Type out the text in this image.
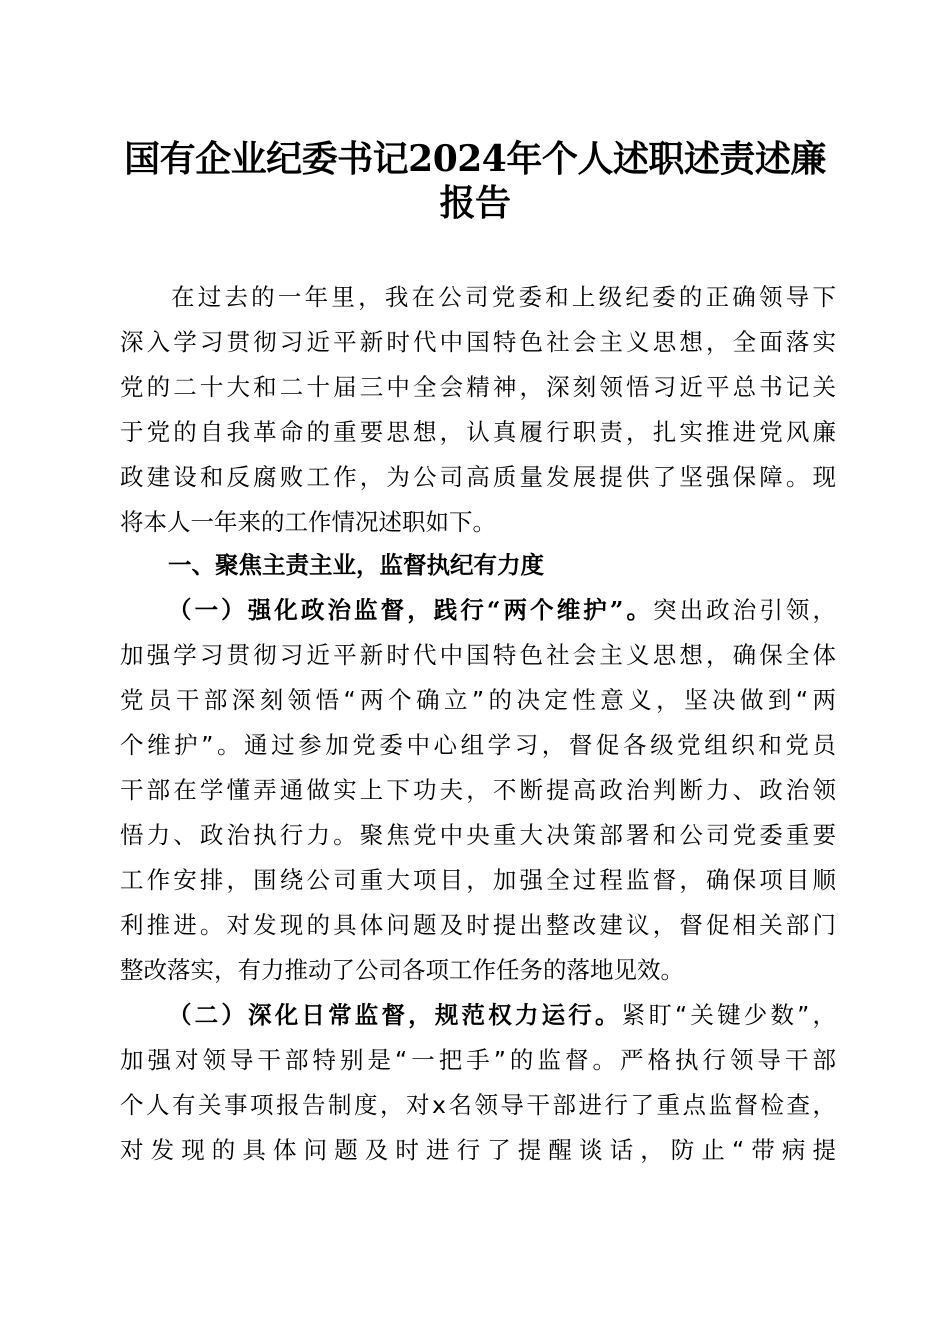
国有企业纪委书记2024年个人述职述责述廉
报告
在过去的一年里，我在公司党委和上级纪委的正确领导下
深入学习贯彻习近平新时代中国特色社会主义思想，全面落实
党的二十大和二十届三中全会精神，深刻领悟习近平总书记关
于党的自我革命的重要思想，认真履行职责，扎实推进党风廉
政建设和反腐败工作，为公司高质量发展提供了坚强保障。现
将本人一年来的工作情况述职如下。
一、聚焦主责主业，监督执纪有力度
（一）强化政治监督，践行“两个维护”。突出政治引领，
加强学习贯彻习近平新时代中国特色社会主义思想，确保全体
党员干部深刻领悟“两个确立”的决定性意义，坚决做到“两
个维护”。通过参加党委中心组学习，督促各级党组织和党员
干部在学懂弄通做实上下功夫，不断提高政治判断力、政治领
悟力、政治执行力。聚焦党中央重大决策部署和公司党委重要
工作安排，围绕公司重大项目，加强全过程监督，确保项目顺
利推进。对发现的具体问题及时提出整改建议，督促相关部门
整改落实，有力推动了公司各项工作任务的落地见效。
（二）深化日常监督，规范权力运行。紧盯“关键少数”，
加强对领导干部特别是“一把手”的监督。严格执行领导干部
个人有关事项报告制度，对x名领导干部进行了重点监督检查，
对发现的具体问题及时进行了提醒谈话，防止“带病提
